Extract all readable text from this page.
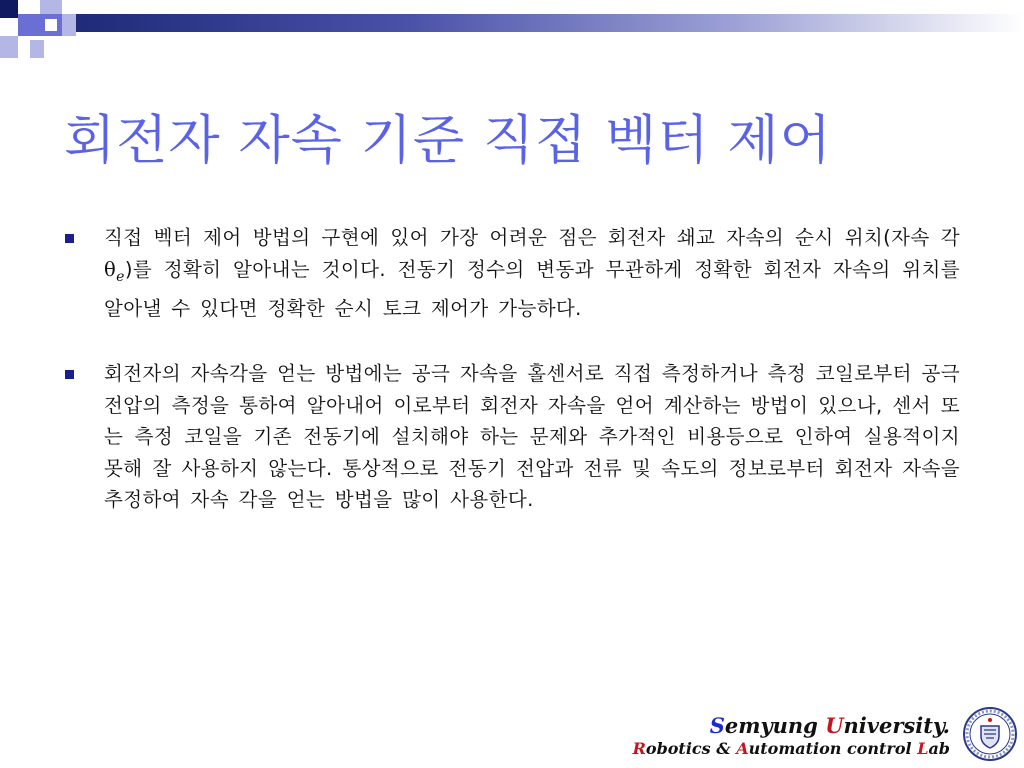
회전자 자속 기준 직접 벡터 제어
직접 벡터 제어 방법의 구현에 있어 가장 어려운 점은 회전자 쇄교 자속의 순시 위치(자속 각 $\theta_e$)를 정확히 알아내는 것이다. 전동기 정수의 변동과 무관하게 정확한 회전자 자속의 위치를 알아낼 수 있다면 정확한 순시 토크 제어가 가능하다.
회전자의 자속각을 얻는 방법에는 공극 자속을 홀센서로 직접 측정하거나 측정 코일로부터 공극 전압의 측정을 통하여 알아내어 이로부터 회전자 자속을 얻어 계산하는 방법이 있으나, 센서 또는 측정 코일을 기존 전동기에 설치해야 하는 문제와 추가적인 비용등으로 인하여 실용적이지 못해 잘 사용하지 않는다. 통상적으로 전동기 전압과 전류 및 속도의 정보로부터 회전자 자속을 추정하여 자속 각을 얻는 방법을 많이 사용한다.
Semyung University.
Robotics & Automation control Lab
